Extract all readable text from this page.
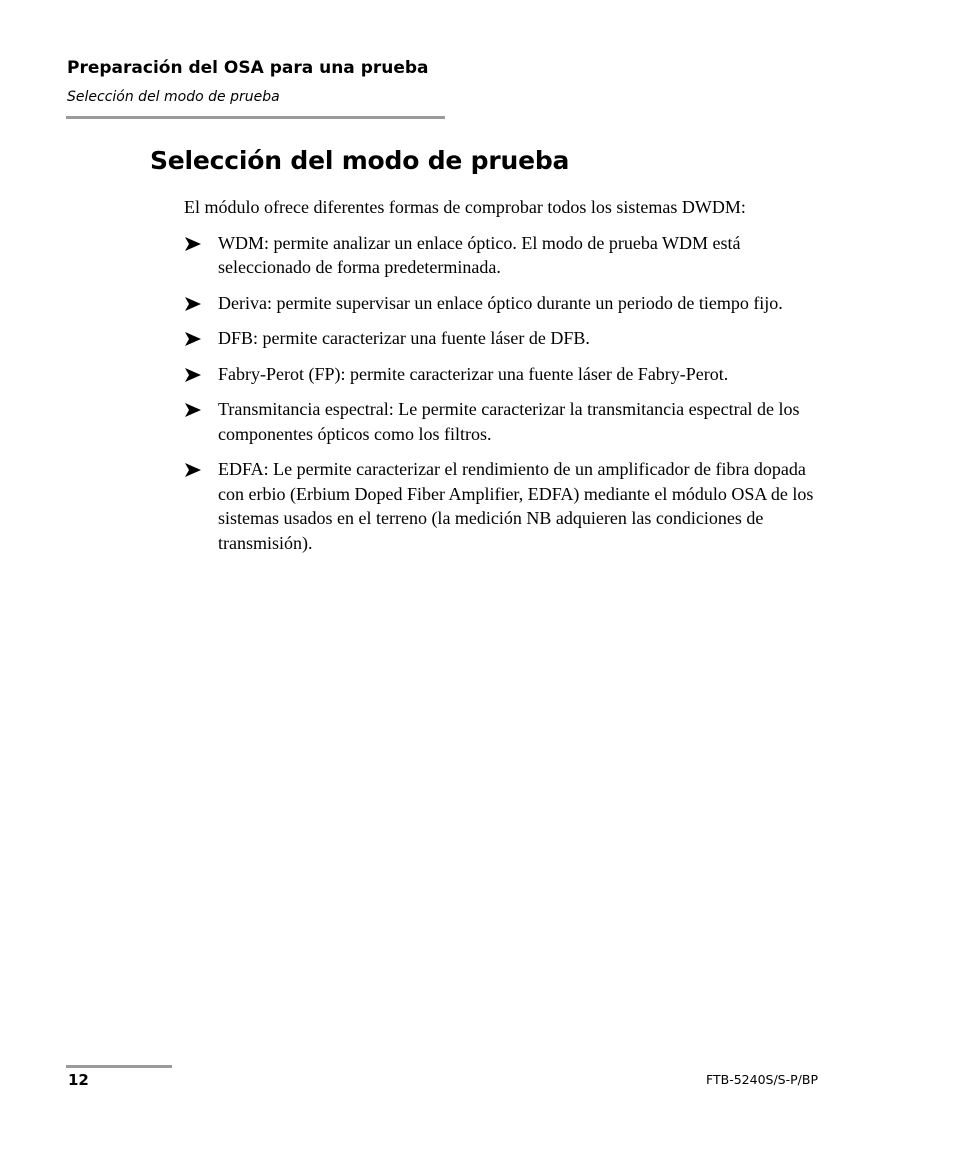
Preparación del OSA para una prueba
Selección del modo de prueba
Selección del modo de prueba

El módulo ofrece diferentes formas de comprobar todos los sistemas DWDM:

WDM: permite analizar un enlace óptico. El modo de prueba WDM está seleccionado de forma predeterminada.
Deriva: permite supervisar un enlace óptico durante un periodo de tiempo fijo.
DFB: permite caracterizar una fuente láser de DFB.
Fabry-Perot (FP): permite caracterizar una fuente láser de Fabry-Perot.
Transmitancia espectral: Le permite caracterizar la transmitancia espectral de los componentes ópticos como los filtros.
EDFA: Le permite caracterizar el rendimiento de un amplificador de fibra dopada con erbio (Erbium Doped Fiber Amplifier, EDFA) mediante el módulo OSA de los sistemas usados en el terreno (la medición NB adquieren las condiciones de transmisión).
12	FTB-5240S/S-P/BP
